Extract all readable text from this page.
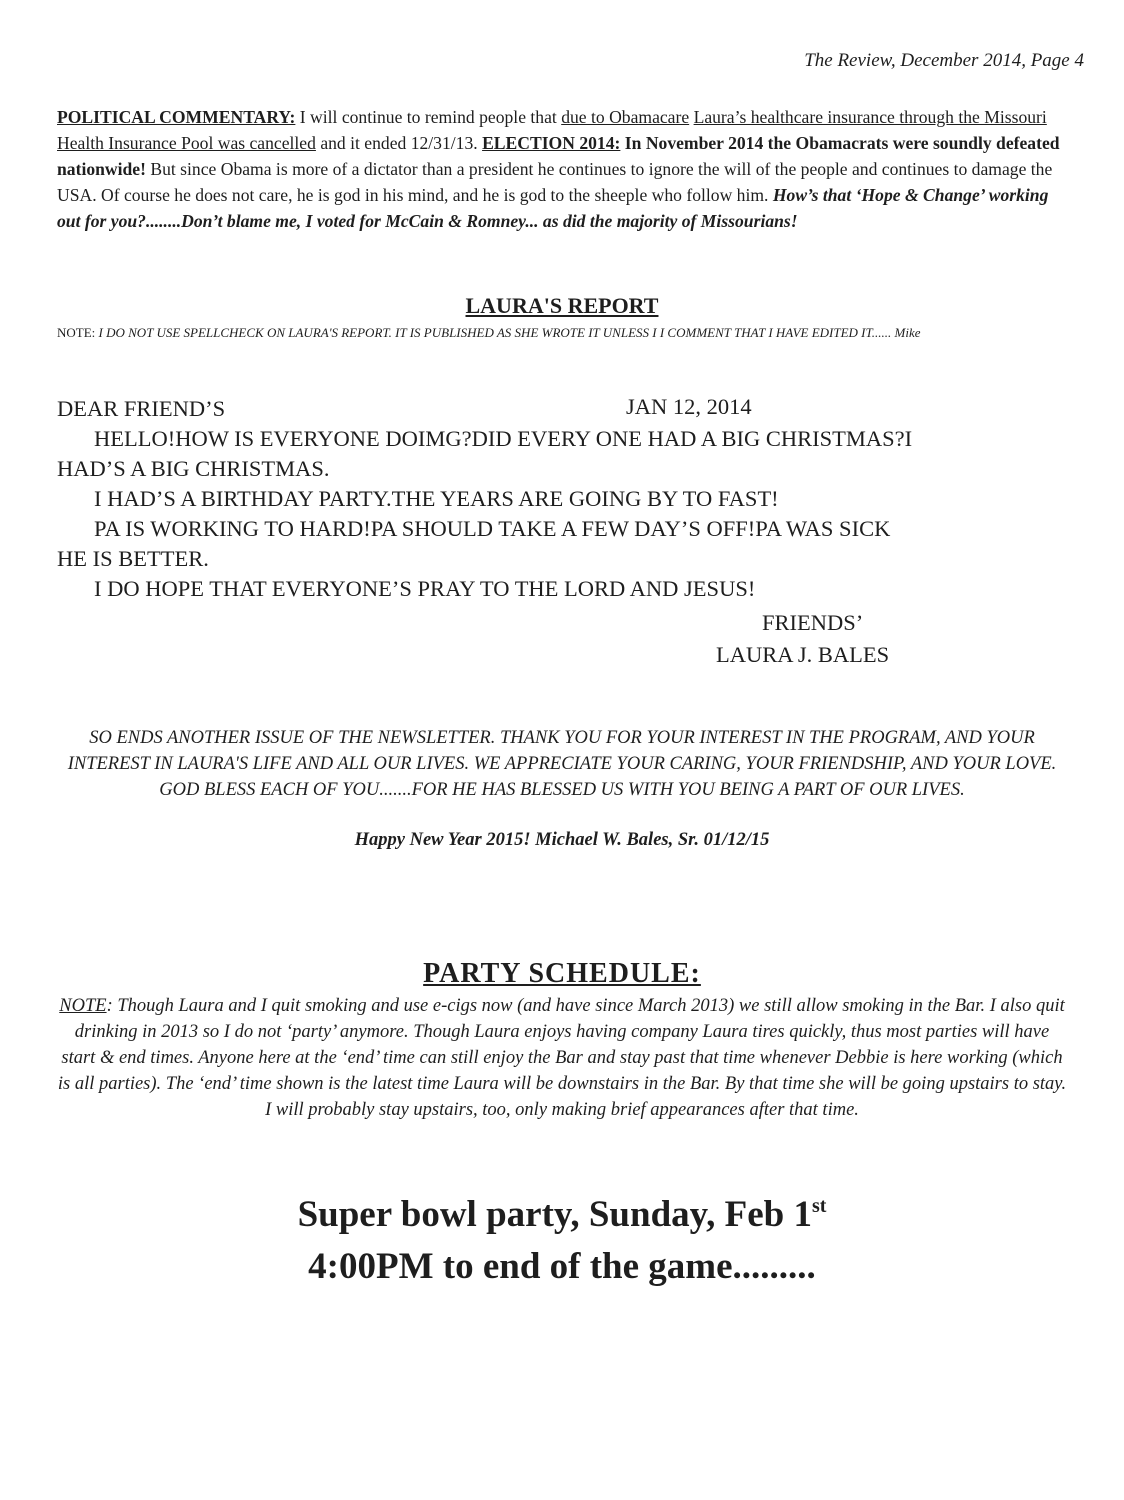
The Review, December 2014, Page 4
POLITICAL COMMENTARY: I will continue to remind people that due to Obamacare Laura’s healthcare insurance through the Missouri Health Insurance Pool was cancelled and it ended 12/31/13. ELECTION 2014: In November 2014 the Obamacrats were soundly defeated nationwide! But since Obama is more of a dictator than a president he continues to ignore the will of the people and continues to damage the USA. Of course he does not care, he is god in his mind, and he is god to the sheeple who follow him. How’s that ‘Hope & Change’ working out for you?........Don’t blame me, I voted for McCain & Romney... as did the majority of Missourians!
LAURA'S REPORT
NOTE: I DO NOT USE SPELLCHECK ON LAURA'S REPORT. IT IS PUBLISHED AS SHE WROTE IT UNLESS I I COMMENT THAT I HAVE EDITED IT...... Mike
DEAR FRIEND’S
HELLO!HOW IS EVERYONE DOIMG?DID EVERY ONE HAD A BIG CHRISTMAS?I
HAD’S A BIG CHRISTMAS.
I HAD’S A BIRTHDAY PARTY.THE YEARS ARE GOING BY TO FAST!
PA IS WORKING TO HARD!PA SHOULD TAKE A FEW DAY’S OFF!PA WAS SICK
HE IS BETTER.
I DO HOPE THAT EVERYONE’S PRAY TO THE LORD AND JESUS!
JAN 12, 2014
FRIENDS’
LAURA J. BALES
SO ENDS ANOTHER ISSUE OF THE NEWSLETTER. THANK YOU FOR YOUR INTEREST IN THE PROGRAM, AND YOUR INTEREST IN LAURA'S LIFE AND ALL OUR LIVES. WE APPRECIATE YOUR CARING, YOUR FRIENDSHIP, AND YOUR LOVE. GOD BLESS EACH OF YOU.......FOR HE HAS BLESSED US WITH YOU BEING A PART OF OUR LIVES.
Happy New Year 2015! Michael W. Bales, Sr. 01/12/15
PARTY SCHEDULE:
NOTE: Though Laura and I quit smoking and use e-cigs now (and have since March 2013) we still allow smoking in the Bar. I also quit drinking in 2013 so I do not ‘party’ anymore. Though Laura enjoys having company Laura tires quickly, thus most parties will have start & end times. Anyone here at the ‘end’ time can still enjoy the Bar and stay past that time whenever Debbie is here working (which is all parties). The ‘end’ time shown is the latest time Laura will be downstairs in the Bar. By that time she will be going upstairs to stay. I will probably stay upstairs, too, only making brief appearances after that time.
Super bowl party, Sunday, Feb 1st
4:00PM to end of the game.........
